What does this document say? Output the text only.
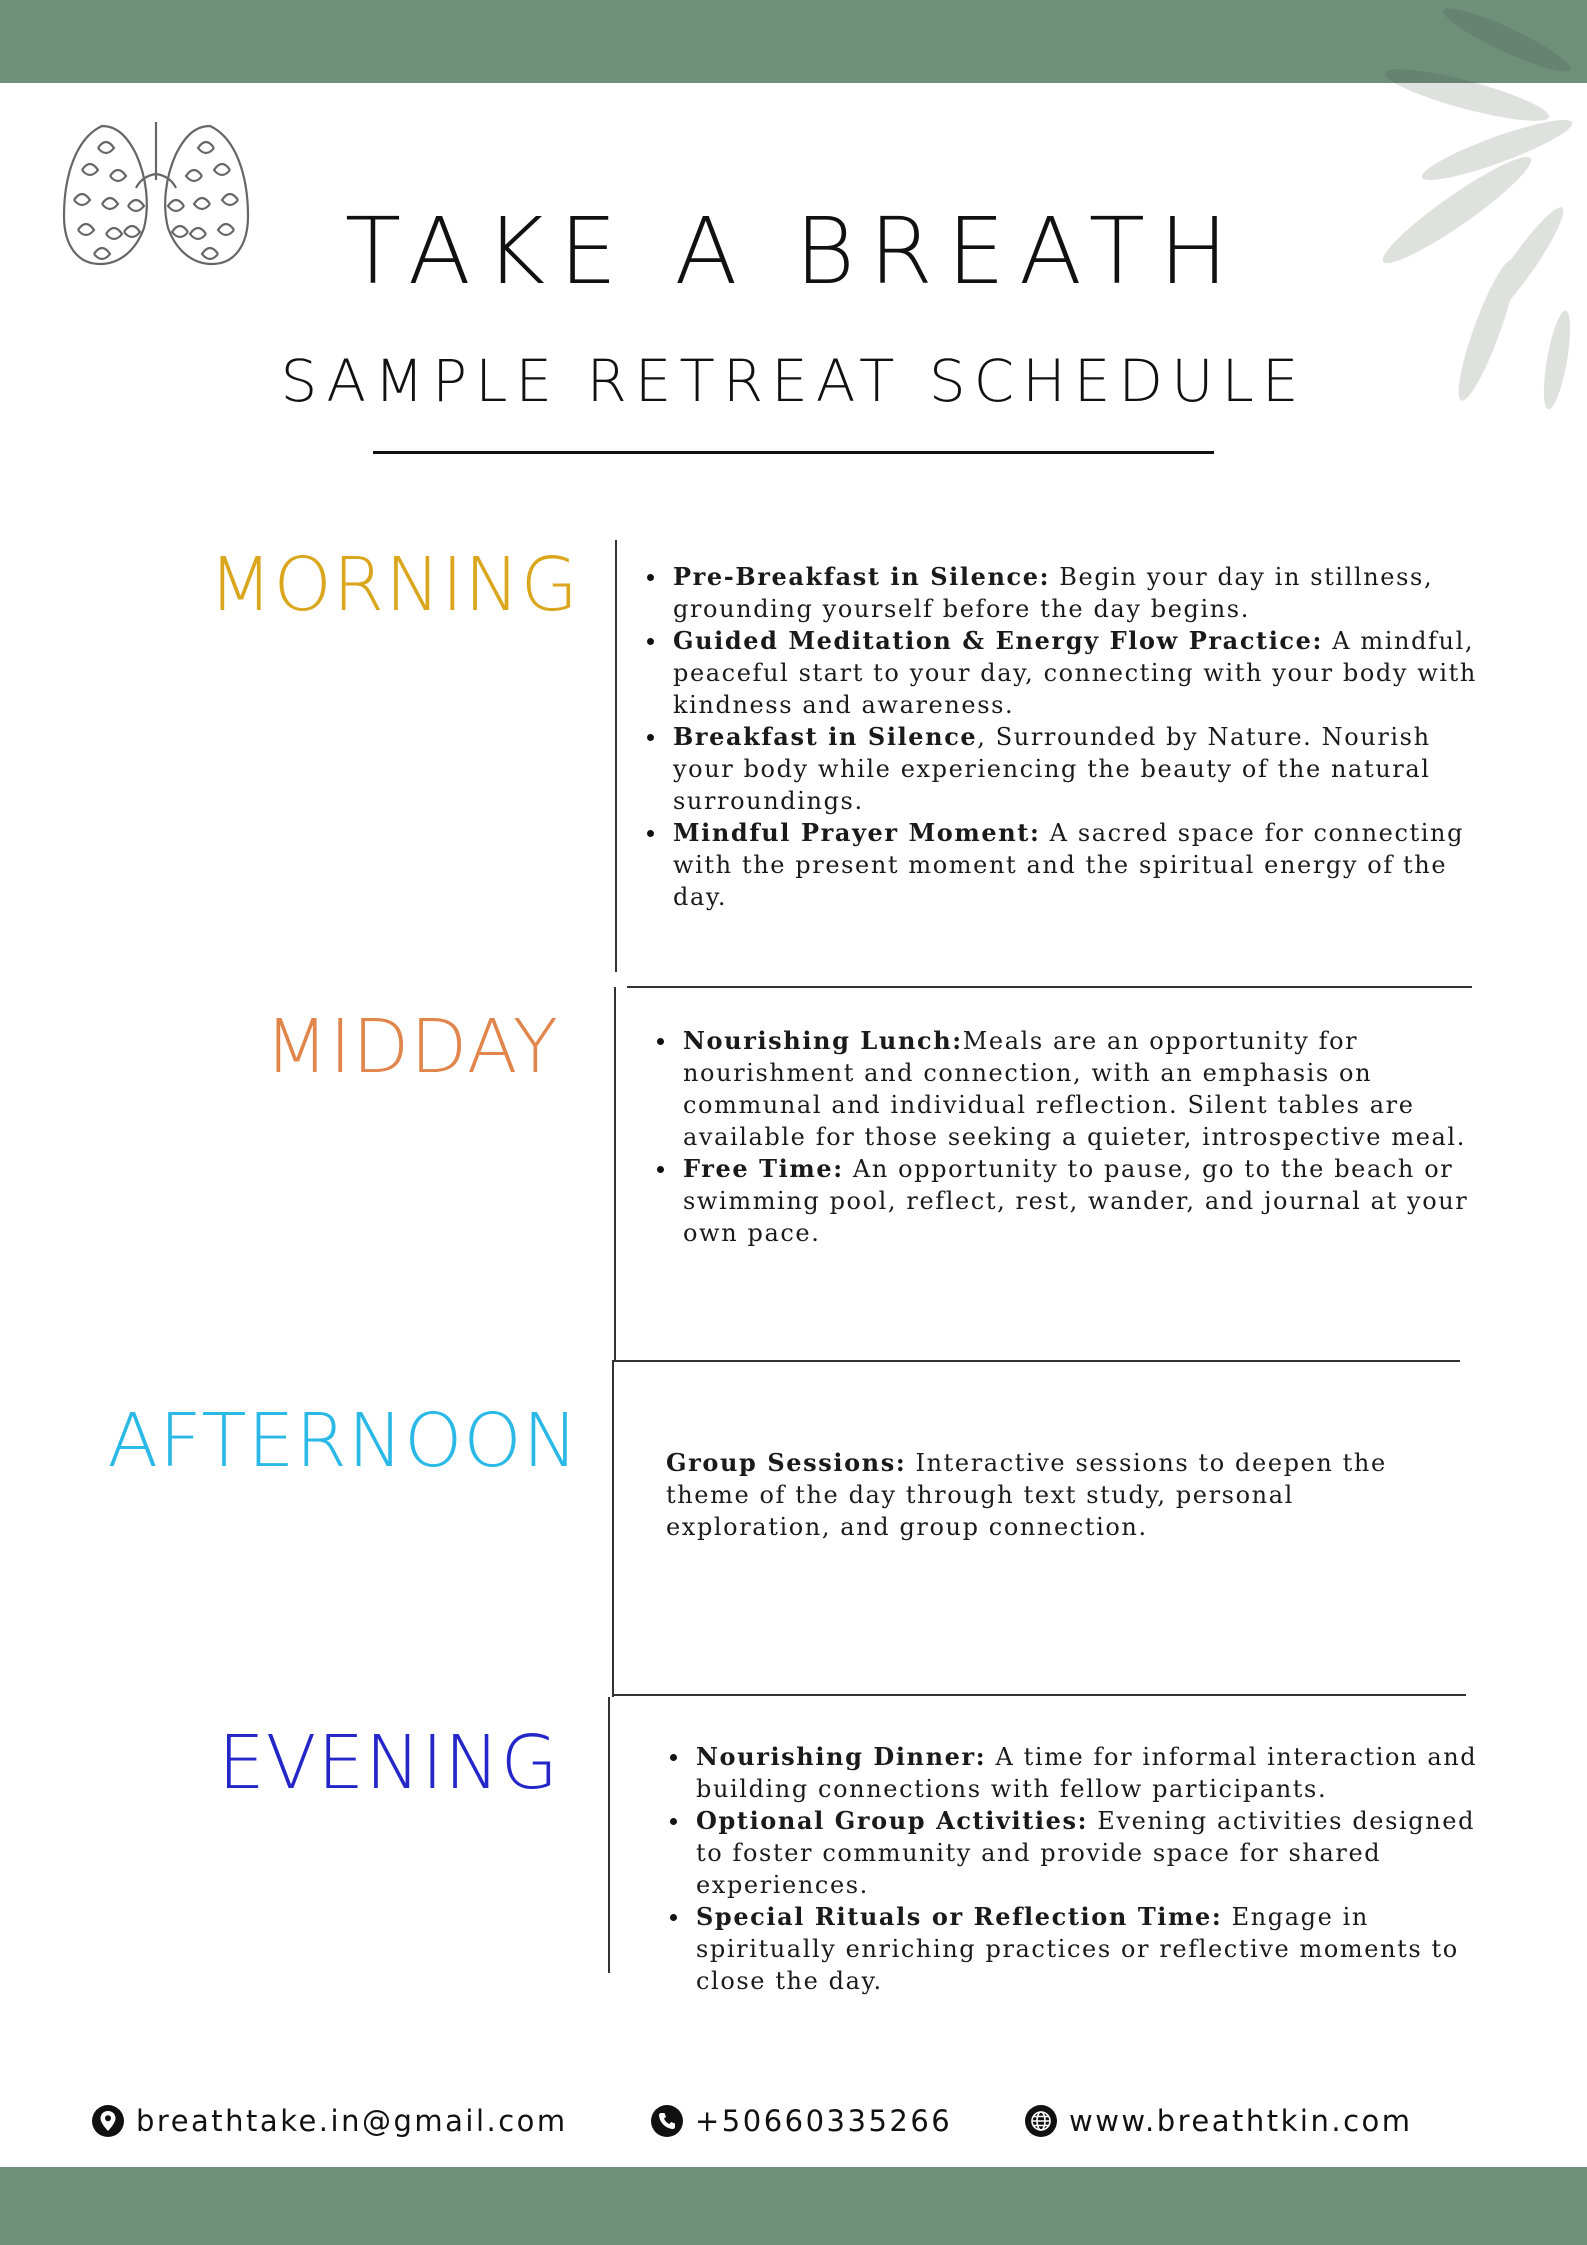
TAKE A BREATH
SAMPLE RETREAT SCHEDULE
MORNING
MIDDAY
AFTERNOON
EVENING
Pre-Breakfast in Silence: Begin your day in stillness, grounding yourself before the day begins.
Guided Meditation & Energy Flow Practice: A mindful, peaceful start to your day, connecting with your body with kindness and awareness.
Breakfast in Silence, Surrounded by Nature. Nourish your body while experiencing the beauty of the natural surroundings.
Mindful Prayer Moment: A sacred space for connecting with the present moment and the spiritual energy of the day.
Nourishing Lunch:Meals are an opportunity for nourishment and connection, with an emphasis on communal and individual reflection. Silent tables are available for those seeking a quieter, introspective meal.
Free Time: An opportunity to pause, go to the beach or swimming pool, reflect, rest, wander, and journal at your own pace.
Group Sessions: Interactive sessions to deepen the theme of the day through text study, personal exploration, and group connection.
Nourishing Dinner: A time for informal interaction and building connections with fellow participants.
Optional Group Activities: Evening activities designed to foster community and provide space for shared experiences.
Special Rituals or Reflection Time: Engage in spiritually enriching practices or reflective moments to close the day.
breathtake.in@gmail.com	+50660335266	www.breathtkin.com
